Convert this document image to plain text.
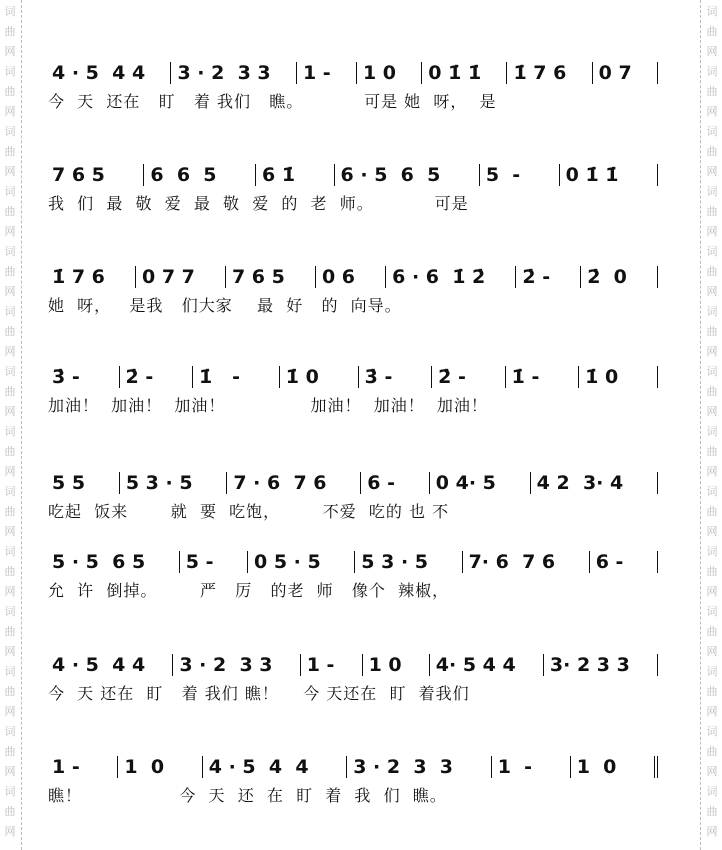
词
曲
网
词
曲
网
词
曲
网
词
曲
网
词
曲
网
词
曲
网
词
曲
网
词
曲
网
词
曲
网
词
曲
网
词
曲
网
词
曲
网
词
曲
网
词
曲
网
词
曲
网
词
曲
网
词
曲
网
词
曲
网
词
曲
网
词
曲
网
词
曲
网
词
曲
网
词
曲
网
词
曲
网
词
曲
网
词
曲
网
词
曲
网
词
曲
网
4 · 5  4 4	3 · 2  3 3	1 -	1 0	0 1̇ 1̇	1̇ 7 6	0 7
今  天  还在   盯   着 我们   瞧。          可是 她  呀，  是
7 6 5	6  6  5	6 1̇	6 · 5  6  5	5  -	0 1̇ 1̇
我  们  最  敬  爱  最  敬  爱  的  老  师。          可是
1̇ 7 6	0 7 7	7 6 5	0 6	6 · 6  1̇ 2̇	2̇ -	2̇  0
她  呀，   是我   们大家    最  好   的  向导。
3̇ -	2̇ -	1̇   -	1̇ 0	3̇ -	2̇ -	1̇ -	1̇ 0
加油！  加油！  加油！              加油！  加油！  加油！
5 5	5 3 · 5	7 · 6  7 6	6 -	0 4· 5	4 2  3· 4
吃起  饭来       就  要  吃饱，       不爱  吃的 也 不
5 · 5  6 5	5 -	0 5 · 5	5 3 · 5	7· 6  7 6	6 -
允  许  倒掉。       严   厉   的老  师   像个  辣椒，
4 · 5  4 4	3 · 2  3 3	1 -	1 0	4· 5 4 4	3· 2 3 3
今  天 还在  盯   着 我们 瞧！    今 天还在  盯  着我们
1 -	1  0	4 · 5  4  4	3 · 2  3  3	1  -	1  0
瞧！                今  天  还  在  盯  着  我  们  瞧。
